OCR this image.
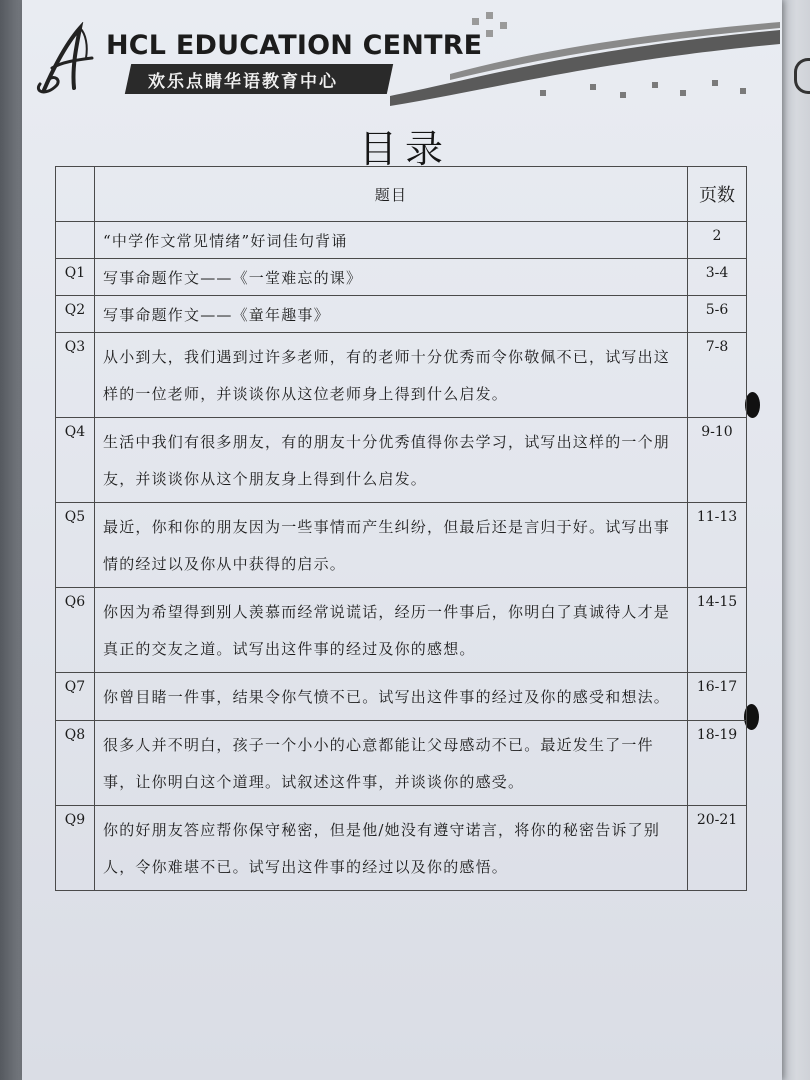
HCL EDUCATION CENTRE
欢乐点睛华语教育中心
目录
	题目	页数
	“中学作文常见情绪”好词佳句背诵	2
Q1	写事命题作文——《一堂难忘的课》	3-4
Q2	写事命题作文——《童年趣事》	5-6
Q3	从小到大，我们遇到过许多老师，有的老师十分优秀而令你敬佩不已，试写出这样的一位老师，并谈谈你从这位老师身上得到什么启发。	7-8
Q4	生活中我们有很多朋友，有的朋友十分优秀值得你去学习，试写出这样的一个朋友，并谈谈你从这个朋友身上得到什么启发。	9-10
Q5	最近，你和你的朋友因为一些事情而产生纠纷，但最后还是言归于好。试写出事情的经过以及你从中获得的启示。	11-13
Q6	你因为希望得到别人羡慕而经常说谎话，经历一件事后，你明白了真诚待人才是真正的交友之道。试写出这件事的经过及你的感想。	14-15
Q7	你曾目睹一件事，结果令你气愤不已。试写出这件事的经过及你的感受和想法。	16-17
Q8	很多人并不明白，孩子一个小小的心意都能让父母感动不已。最近发生了一件事，让你明白这个道理。试叙述这件事，并谈谈你的感受。	18-19
Q9	你的好朋友答应帮你保守秘密，但是他/她没有遵守诺言，将你的秘密告诉了别人，令你难堪不已。试写出这件事的经过以及你的感悟。	20-21
